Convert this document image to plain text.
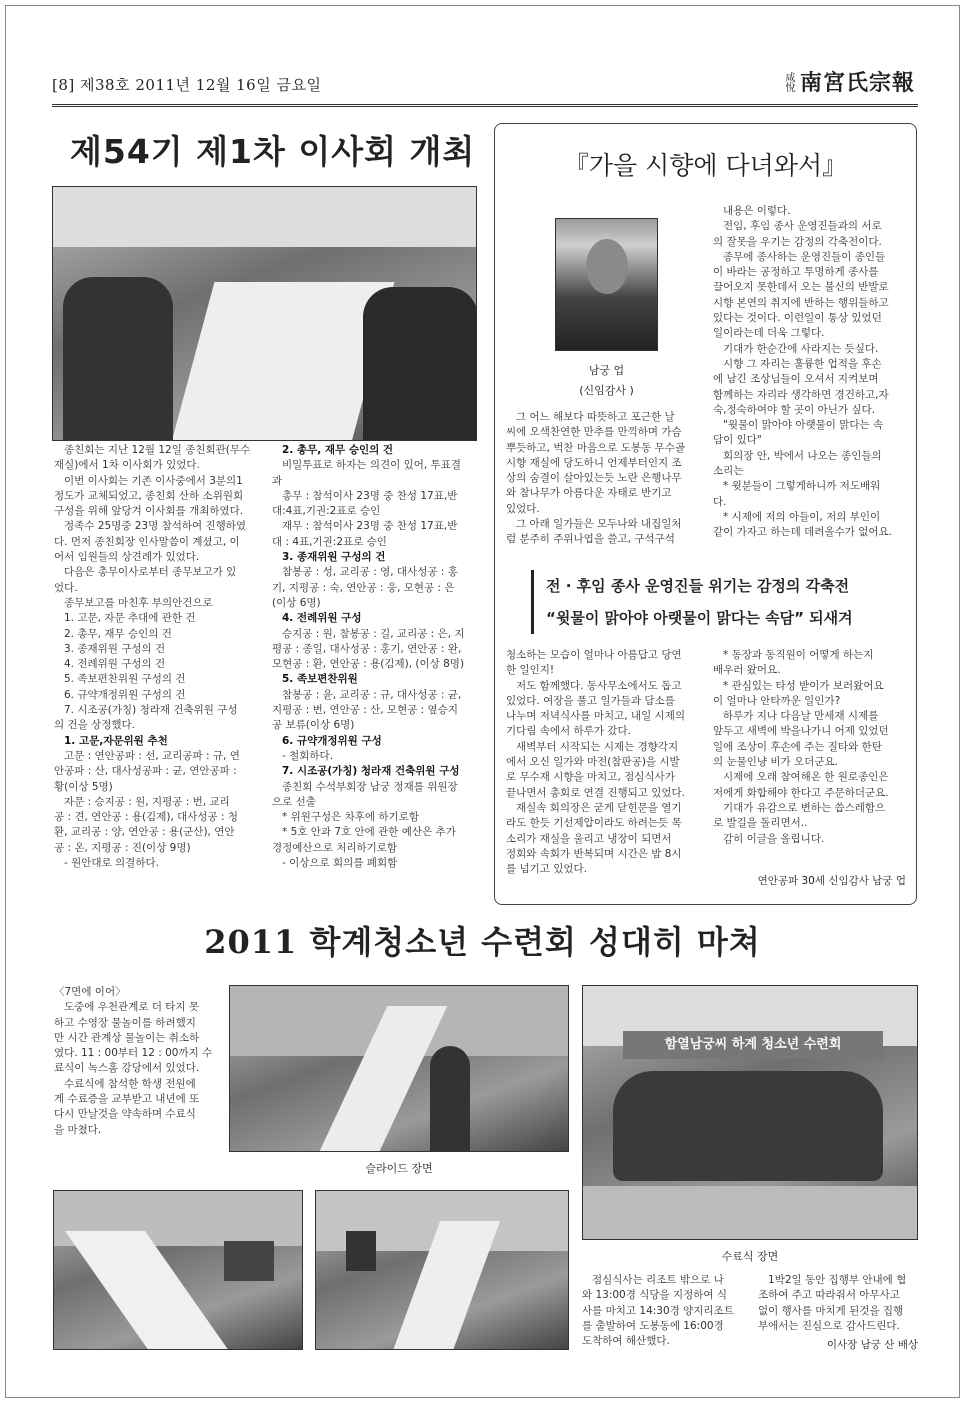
[8] 제38호 2011년 12월 16일 금요일	咸悅 南宮氏宗報
제54기 제1차 이사회 개최

종친회는 지난 12월 12일 종친회관(무수

재실)에서 1차 이사회가 있었다.

이번 이사회는 기존 이사중에서 3분의1

정도가 교체되었고, 종친회 산하 소위원회

구성을 위해 앞당겨 이사회를 개최하였다.

정족수 25명중 23명 참석하여 진행하였

다. 먼저 종친회장 인사말씀이 계셨고, 이

어서 임원들의 상견례가 있었다.

다음은 총무이사로부터 종무보고가 있

었다.

종무보고를 마친후 부의안건으로

1. 고문, 자문 추대에 관한 건

2. 총무, 재무 승인의 건

3. 종재위원 구성의 건

4. 전례위원 구성의 건

5. 족보편찬위원 구성의 건

6. 규약개정위원 구성의 건

7. 시조공(가칭) 청라재 건축위원 구성

의 건을 상정했다.

1. 고문,자문위원 추천

고문 : 연안공파 : 선, 교리공파 : 규, 연

안공파 : 산, 대사성공파 : 균, 연안공파 :

황(이상 5명)

자문 : 승지공 : 원, 지평공 : 번, 교리

공 : 견, 연안공 : 용(김제), 대사성공 : 청

환, 교리공 : 양, 연안공 : 용(군산), 연안

공 : 온, 지평공 : 진(이상 9명)

- 원안대로 의결하다.

2. 총무, 재무 승인의 건

비밀투표로 하자는 의견이 있어, 투표결

과

총무 : 참석이사 23명 중 찬성 17표,반

대:4표,기권:2표로 승인

재무 : 참석이사 23명 중 찬성 17표,반

대 : 4표,기권:2표로 승인

3. 종재위원 구성의 건

참봉공 : 성, 교리공 : 영, 대사성공 : 홍

기, 지평공 : 숙, 연안공 : 웅, 모현공 : 은

(이상 6명)

4. 전례위원 구성

승지공 : 원, 참봉공 : 길, 교리공 : 은, 지

평공 : 종일, 대사성공 : 홍기, 연안공 : 완,

모현공 : 환, 연안공 : 용(김제), (이상 8명)

5. 족보편찬위원

참봉공 : 윤, 교리공 : 규, 대사성공 : 균,

지평공 : 번, 연안공 : 산, 모현공 : 옆승지

공 보류(이상 6명)

6. 규약개정위원 구성

- 철회하다.

7. 시조공(가칭) 청라재 건축위원 구성

종친회 수석부회장 남궁 정재를 위원장

으로 선출

* 위원구성은 차후에 하기로함

* 5호 안과 7호 안에 관한 예산은 추가

경정예산으로 처리하기로함

- 이상으로 회의를 폐회함

『가을 시향에 다녀와서』
남궁 업
(신임감사 )

그 어느 해보다 따뜻하고 포근한 날

씨에 오색찬연한 만추를 만끽하며 가슴

뿌듯하고, 벅찬 마음으로 도봉동 무수골

시향 재실에 당도하니 언제부터인지 조

상의 숨결이 살아있는듯 노란 은행나무

와 참나무가 아름다운 자태로 반기고

있었다.

그 아래 일가들은 모두나와 내집일처

럼 분주히 주위나엽을 쓸고, 구석구석

내용은 이렇다.

전임, 후임 종사 운영진들과의 서로

의 잘못을 우기는 감정의 각축전이다.

종무에 종사하는 운영진들이 종인들

이 바라는 공정하고 투명하게 종사를

끌어오지 못한데서 오는 불신의 반발로

시향 본연의 취지에 반하는 행위들하고

있다는 것이다. 이런일이 통상 있었던

일이라는데 더욱 그렇다.

기대가 한순간에 사라지는 듯싶다.

시향 그 자리는 훌륭한 업적을 후손

에 남긴 조상님들이 오셔서 지켜보며

함께하는 자리라 생각하면 경건하고,자

숙,정숙하여야 할 곳이 아닌가 싶다.

"윗물이 맑아야 아랫물이 맑다는 속

담이 있다"

회의장 안, 박에서 나오는 종인들의

소리는

* 윗분들이 그렇게하니까 저도배워

다.

* 시제에 저의 아들이, 저의 부인이

같이 가자고 하는데 데려올수가 없어요.

전 · 후임 종사 운영진들 위기는 감정의 각축전
“윗물이 맑아야 아랫물이 맑다는 속담” 되새겨

청소하는 모습이 얼마나 아름답고 당연

한 일인지!

저도 함께했다. 동사무소에서도 돕고

있었다. 여장을 풀고 일가들과 담소를

나누며 저녁식사를 마치고, 내일 시제의

기다림 속에서 하루가 갔다.

새벽부터 시작되는 시제는 경향각지

에서 오신 일가와 마전(참판공)을 시발

로 무수재 시향을 마치고, 점심식사가

끝나면서 총회로 연결 진행되고 있었다.

재실속 회의장은 굳게 닫힌문을 열기

라도 한듯 기선제압이라도 하려는듯 목

소리가 재실을 울리고 냉장이 되면서

정회와 속회가 반복되며 시간은 밤 8시

를 넘기고 있었다.

* 동장과 동직원이 어떻게 하는지

배우러 왔어요.

* 관심있는 타성 받이가 보러왔어요

이 얼마나 안타까운 일인가?

하루가 지나 다음날 만세재 시제를

앞두고 새벽에 박을나가니 어제 있었던

일에 조상이 후손에 주는 질타와 한탄

의 눈물인냥 비가 오더군요.

시제에 오래 참여해온 한 원로종인은

저에게 화합해야 한다고 주문하더군요.

기대가 유감으로 변하는 씁스레함으

로 발길을 돌리면서..

감히 이글을 올립니다.

연안공파 30세 신임감사 남궁 업
2011 학계청소년 수련회 성대히 마쳐

〈7면에 이어〉

도중에 우천관계로 더 타지 못

하고 수영장 물놀이를 하려했지

만 시간 관계상 물놀이는 취소하

였다. 11 : 00부터 12 : 00까지 수

료식이 녹스홈 강당에서 있었다.

수료식에 참석한 학생 전원에

게 수료증을 교부받고 내년에 또

다시 만날것을 약속하며 수료식

을 마쳤다.

슬라이드 장면
함열남궁씨 하계 청소년 수련회
수료식 장면

점심식사는 리조트 밖으로 나

와 13:00경 식당을 지정하여 식

사를 마치고 14:30경 양지리조트

를 출발하여 도봉동에 16:00경

도착하여 해산했다.

1박2일 동안 집행부 안내에 협

조하여 주고 따라줘서 아무사고

없이 행사를 마치게 된것을 집행

부에서는 진심으로 감사드린다.

이사장 남궁 산 배상
